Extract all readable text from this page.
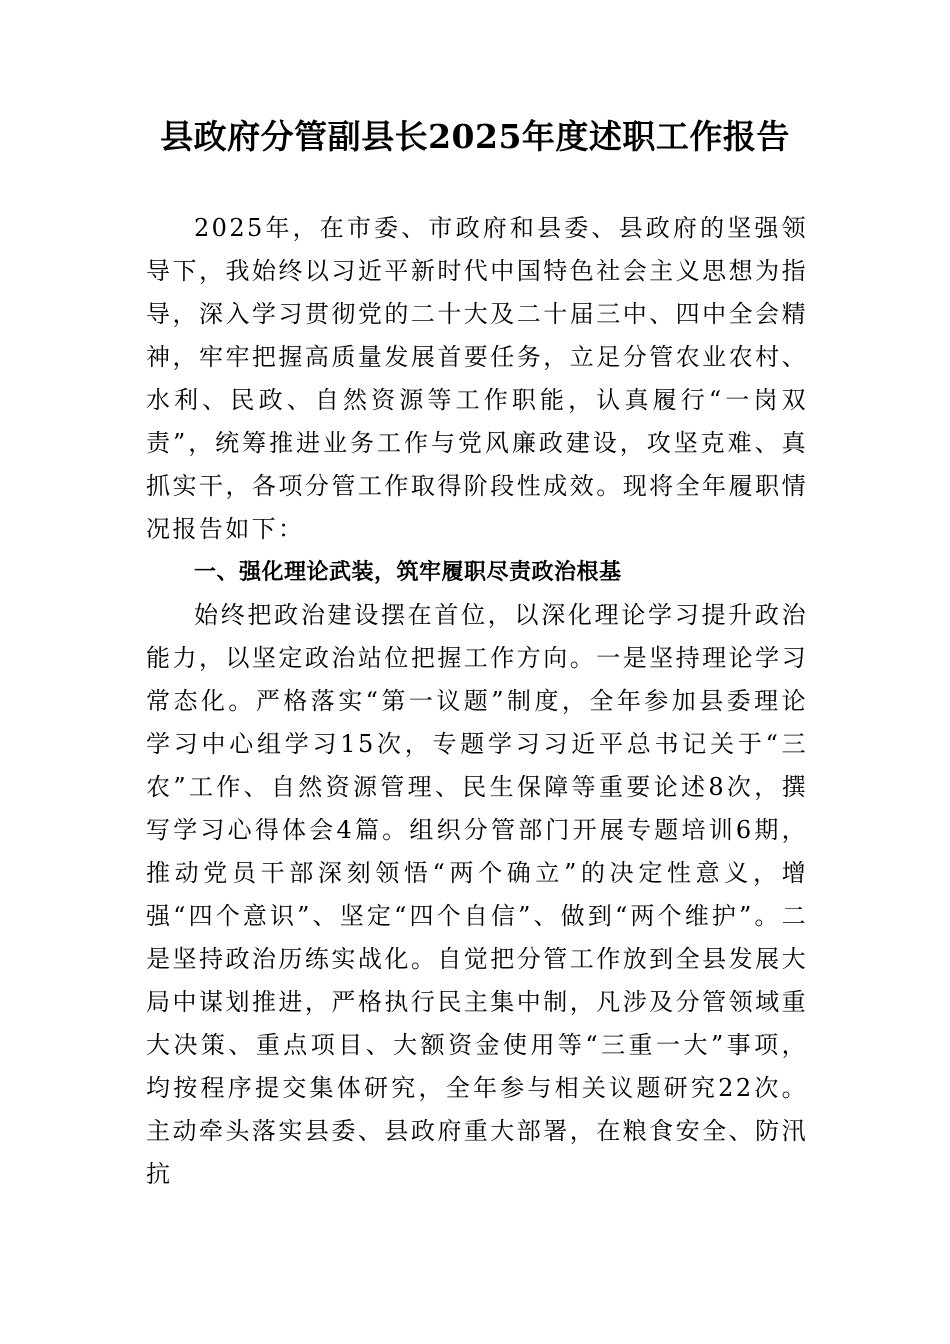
县政府分管副县长2025年度述职工作报告

2025年，在市委、市政府和县委、县政府的坚强领导下，我始终以习近平新时代中国特色社会主义思想为指导，深入学习贯彻党的二十大及二十届三中、四中全会精神，牢牢把握高质量发展首要任务，立足分管农业农村、水利、民政、自然资源等工作职能，认真履行“一岗双责”，统筹推进业务工作与党风廉政建设，攻坚克难、真抓实干，各项分管工作取得阶段性成效。现将全年履职情况报告如下：

一、强化理论武装，筑牢履职尽责政治根基

始终把政治建设摆在首位，以深化理论学习提升政治能力，以坚定政治站位把握工作方向。一是坚持理论学习常态化。严格落实“第一议题”制度，全年参加县委理论学习中心组学习15次，专题学习习近平总书记关于“三农”工作、自然资源管理、民生保障等重要论述8次，撰写学习心得体会4篇。组织分管部门开展专题培训6期，推动党员干部深刻领悟“两个确立”的决定性意义，增强“四个意识”、坚定“四个自信”、做到“两个维护”。二是坚持政治历练实战化。自觉把分管工作放到全县发展大局中谋划推进，严格执行民主集中制，凡涉及分管领域重大决策、重点项目、大额资金使用等“三重一大”事项，均按程序提交集体研究，全年参与相关议题研究22次。主动牵头落实县委、县政府重大部署，在粮食安全、防汛抗
